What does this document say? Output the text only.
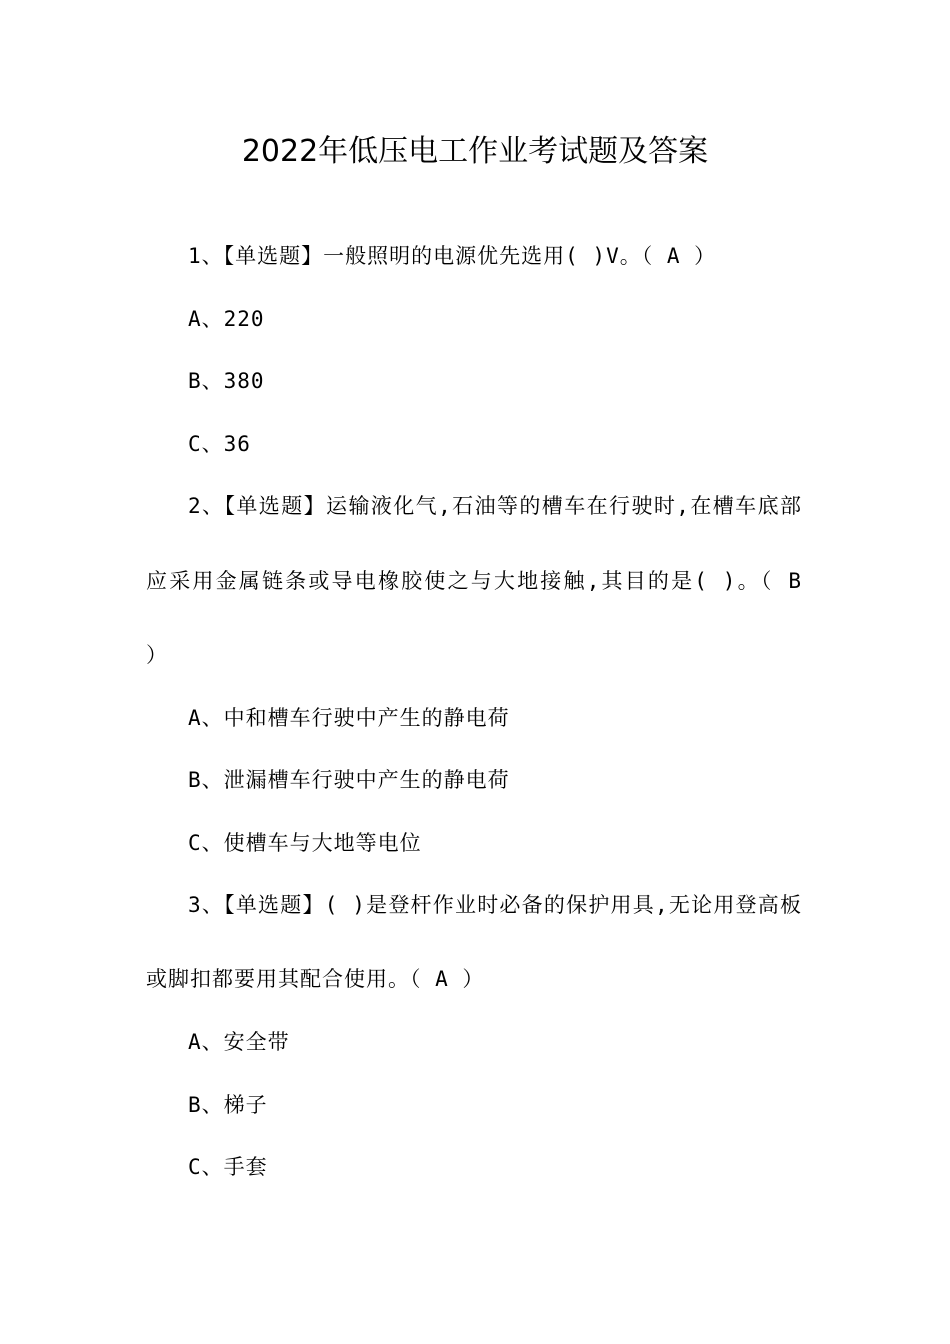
2022年低压电工作业考试题及答案
1、【单选题】一般照明的电源优先选用( )V。（ A ）
A、220
B、380
C、36
2、【单选题】运输液化气,石油等的槽车在行驶时,在槽车底部
应采用金属链条或导电橡胶使之与大地接触,其目的是( )。（ B
）
A、中和槽车行驶中产生的静电荷
B、泄漏槽车行驶中产生的静电荷
C、使槽车与大地等电位
3、【单选题】( )是登杆作业时必备的保护用具,无论用登高板
或脚扣都要用其配合使用。（ A ）
A、安全带
B、梯子
C、手套
